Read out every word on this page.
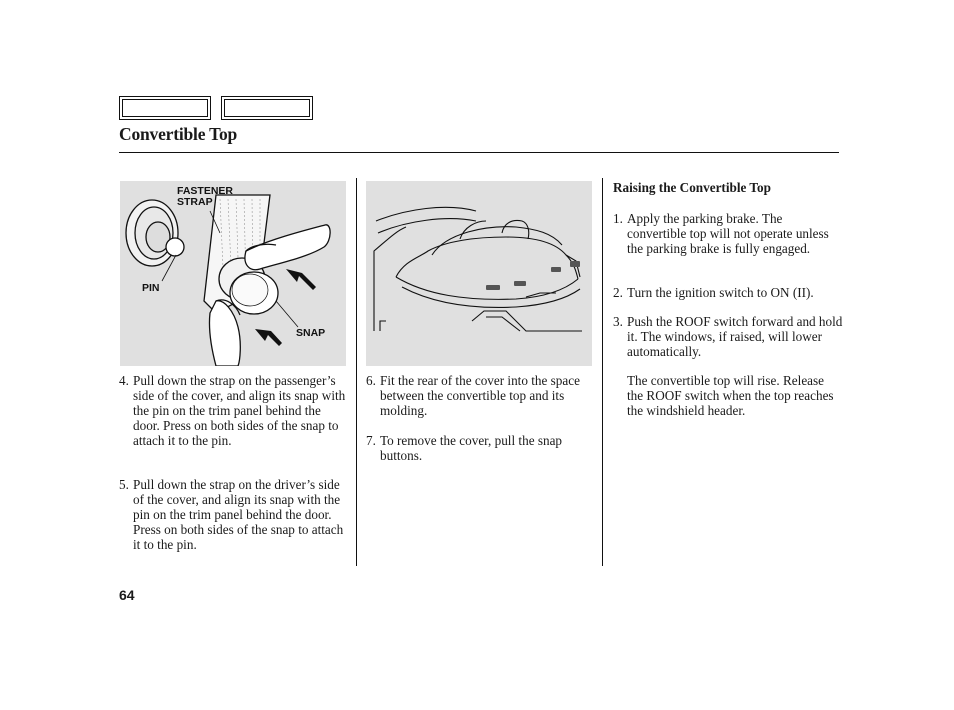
Convertible Top
FASTENER
STRAP
PIN
SNAP
4. Pull down the strap on the passenger’s side of the cover, and align its snap with the pin on the trim panel behind the door. Press on both sides of the snap to attach it to the pin.
5. Pull down the strap on the driver’s side of the cover, and align its snap with the pin on the trim panel behind the door. Press on both sides of the snap to attach it to the pin.
6. Fit the rear of the cover into the space between the convertible top and its molding.
7. To remove the cover, pull the snap buttons.
Raising the Convertible Top
1. Apply the parking brake. The convertible top will not operate unless the parking brake is fully engaged.
2. Turn the ignition switch to ON (II).
3. Push the ROOF switch forward and hold it. The windows, if raised, will lower automatically.
The convertible top will rise. Release the ROOF switch when the top reaches the windshield header.
64
